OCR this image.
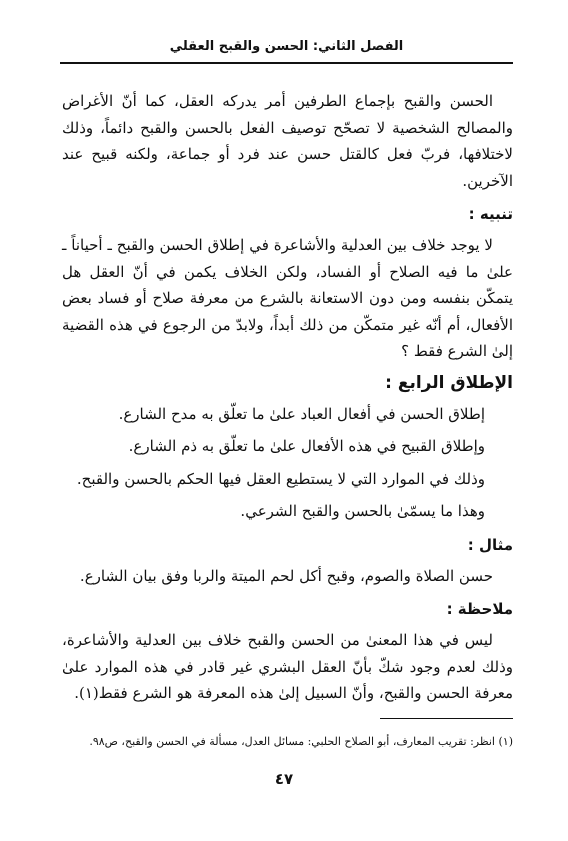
الفصل الثاني: الحسن والقبح العقلي

الحسن والقبح بإجماع الطرفين أمر يدركه العقل، كما أنّ الأغراض والمصالح الشخصية لا تصحّح توصيف الفعل بالحسن والقبح دائماً، وذلك لاختلافها، فربّ فعل كالقتل حسن عند فرد أو جماعة، ولكنه قبيح عند الآخرين.

تنبيه :

لا يوجد خلاف بين العدلية والأشاعرة في إطلاق الحسن والقبح ـ أحياناً ـ علىٰ ما فيه الصلاح أو الفساد، ولكن الخلاف يكمن في أنّ العقل هل يتمكّن بنفسه ومن دون الاستعانة بالشرع من معرفة صلاح أو فساد بعض الأفعال، أم أنّه غير متمكّن من ذلك أبداً، ولابدّ من الرجوع في هذه القضية إلىٰ الشرع فقط ؟

الإطلاق الرابع :

إطلاق الحسن في أفعال العباد علىٰ ما تعلّق به مدح الشارع.

وإطلاق القبيح في هذه الأفعال علىٰ ما تعلّق به ذم الشارع.

وذلك في الموارد التي لا يستطيع العقل فيها الحكم بالحسن والقبح.

وهذا ما يسمّىٰ بالحسن والقبح الشرعي.

مثال :

حسن الصلاة والصوم، وقبح أكل لحم الميتة والربا وفق بيان الشارع.

ملاحظة :

ليس في هذا المعنىٰ من الحسن والقبح خلاف بين العدلية والأشاعرة، وذلك لعدم وجود شكّ بأنّ العقل البشري غير قادر في هذه الموارد علىٰ معرفة الحسن والقبح، وأنّ السبيل إلىٰ هذه المعرفة هو الشرع فقط(١).

(١) انظر: تقريب المعارف، أبو الصلاح الحلبي: مسائل العدل، مسألة في الحسن والقبح، ص٩٨.
٤٧
